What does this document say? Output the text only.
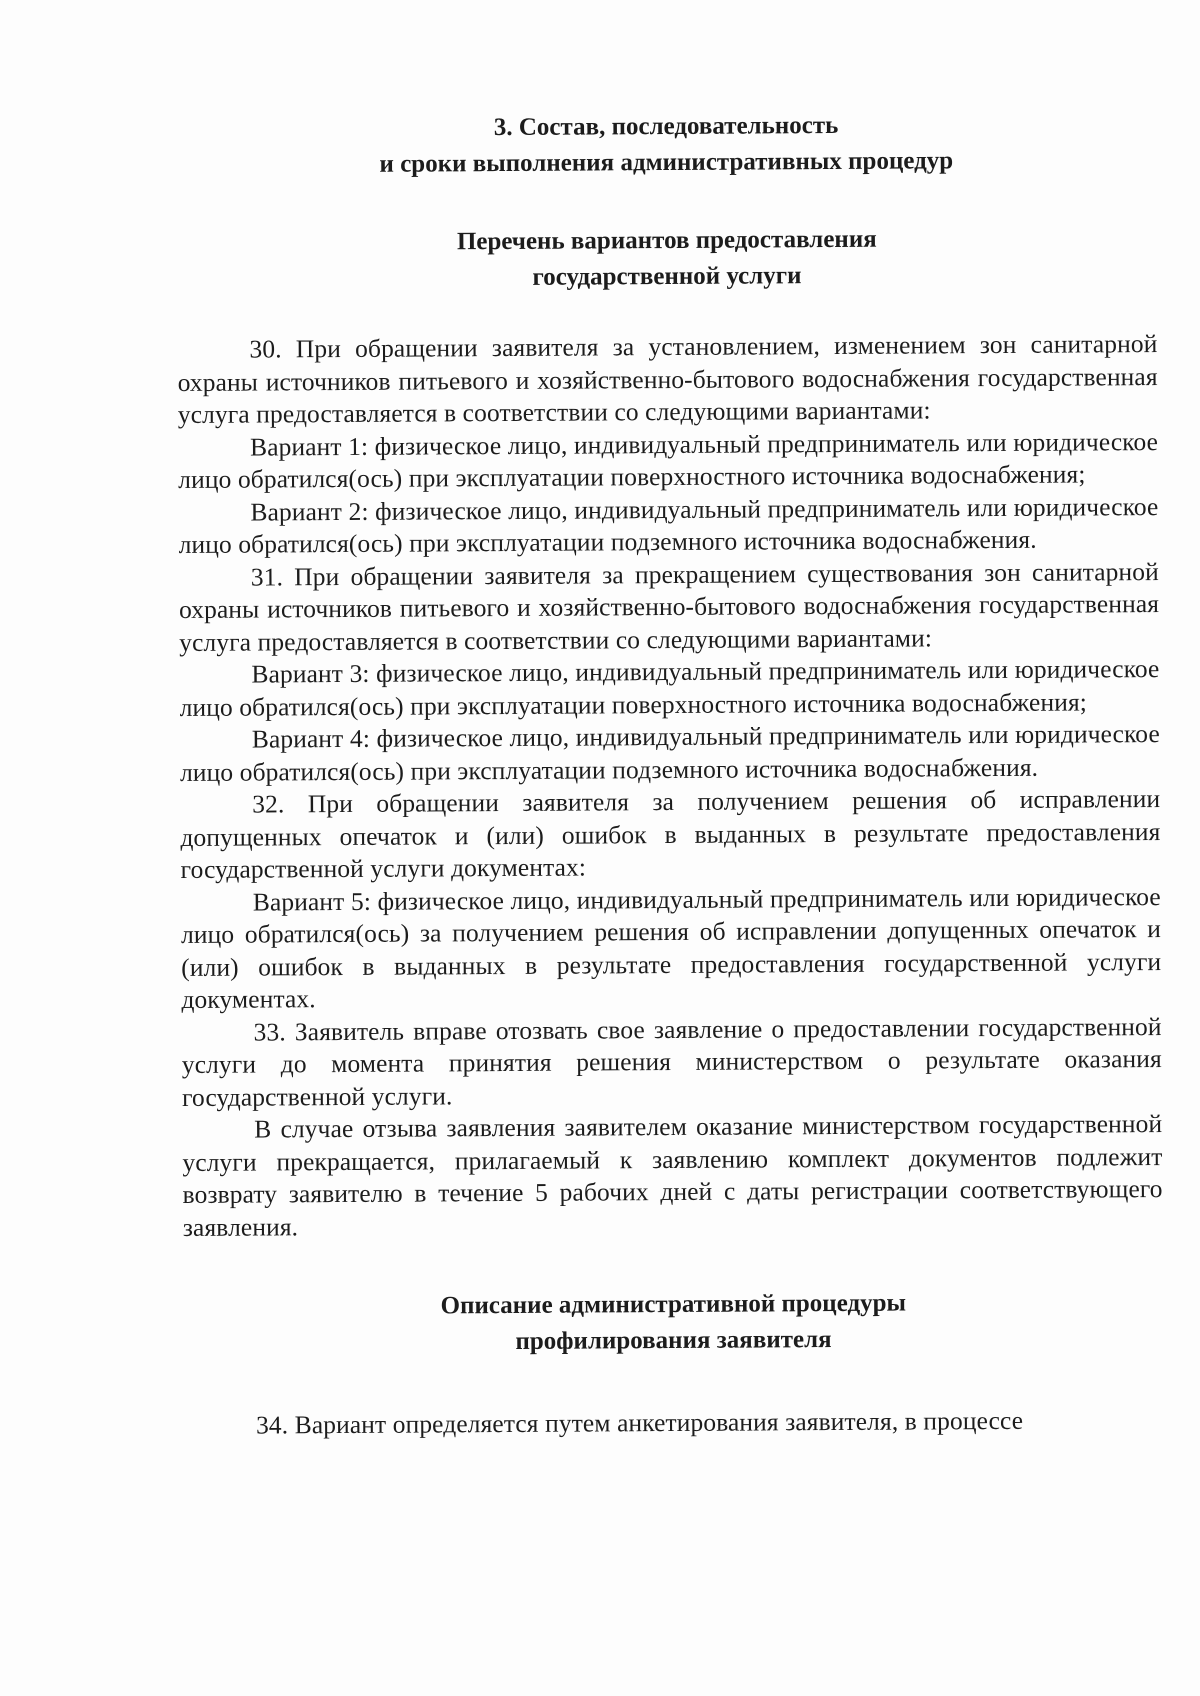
3. Состав, последовательность
и сроки выполнения административных процедур
Перечень вариантов предоставления
государственной услуги

30. При обращении заявителя за установлением, изменением зон санитарной охраны источников питьевого и хозяйственно-бытового водоснабжения государственная услуга предоставляется в соответствии со следующими вариантами:

Вариант 1: физическое лицо, индивидуальный предприниматель или юридическое лицо обратился(ось) при эксплуатации поверхностного источника водоснабжения;

Вариант 2: физическое лицо, индивидуальный предприниматель или юридическое лицо обратился(ось) при эксплуатации подземного источника водоснабжения.

31. При обращении заявителя за прекращением существования зон санитарной охраны источников питьевого и хозяйственно-бытового водоснабжения государственная услуга предоставляется в соответствии со следующими вариантами:

Вариант 3: физическое лицо, индивидуальный предприниматель или юридическое лицо обратился(ось) при эксплуатации поверхностного источника водоснабжения;

Вариант 4: физическое лицо, индивидуальный предприниматель или юридическое лицо обратился(ось) при эксплуатации подземного источника водоснабжения.

32. При обращении заявителя за получением решения об исправлении допущенных опечаток и (или) ошибок в выданных в результате предоставления государственной услуги документах:

Вариант 5: физическое лицо, индивидуальный предприниматель или юридическое лицо обратился(ось) за получением решения об исправлении допущенных опечаток и (или) ошибок в выданных в результате предоставления государственной услуги документах.

33. Заявитель вправе отозвать свое заявление о предоставлении государственной услуги до момента принятия решения министерством о результате оказания государственной услуги.

В случае отзыва заявления заявителем оказание министерством государственной услуги прекращается, прилагаемый к заявлению комплект документов подлежит возврату заявителю в течение 5 рабочих дней с даты регистрации соответствующего заявления.

Описание административной процедуры
профилирования заявителя

34. Вариант определяется путем анкетирования заявителя, в процессе
